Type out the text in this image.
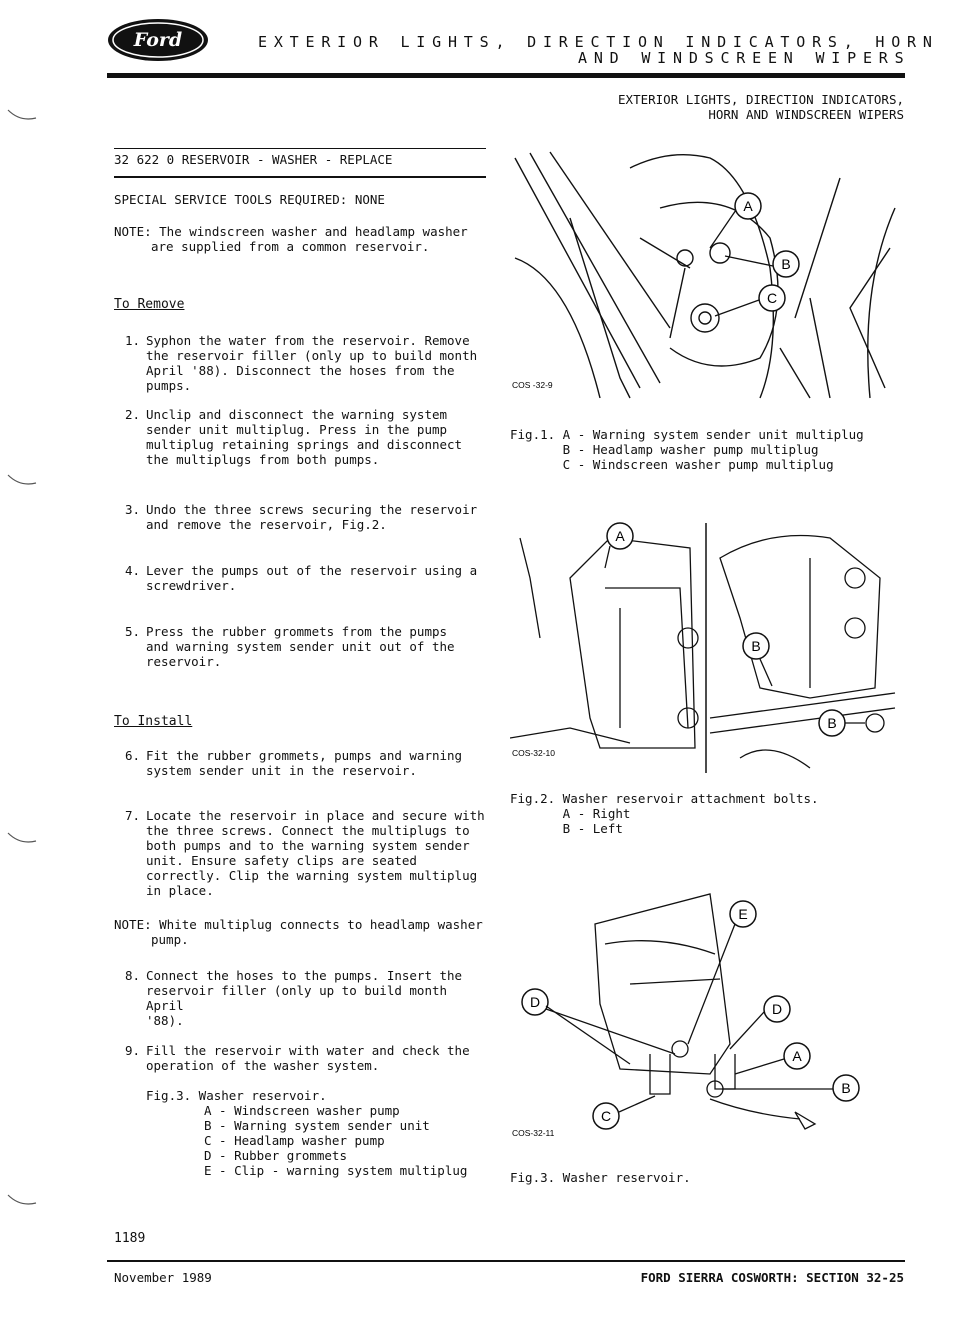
Ford	EXTERIOR LIGHTS, DIRECTION INDICATORS, HORN
AND WINDSCREEN WIPERS
EXTERIOR LIGHTS, DIRECTION INDICATORS,
HORN AND WINDSCREEN WIPERS
32 622 0 RESERVOIR - WASHER - REPLACE
SPECIAL SERVICE TOOLS REQUIRED: NONE
NOTE: The windscreen washer and headlamp washer
are supplied from a common reservoir.
To Remove
1. Syphon the water from the reservoir. Remove
the reservoir filler (only up to build month
April '88). Disconnect the hoses from the
pumps.
2. Unclip and disconnect the warning system
sender unit multiplug. Press in the pump
multiplug retaining springs and disconnect
the multiplugs from both pumps.
3. Undo the three screws securing the reservoir
and remove the reservoir, Fig.2.
4. Lever the pumps out of the reservoir using a
screwdriver.
5. Press the rubber grommets from the pumps
and warning system sender unit out of the
reservoir.
To Install
6. Fit the rubber grommets, pumps and warning
system sender unit in the reservoir.
7. Locate the reservoir in place and secure with
the three screws. Connect the multiplugs to
both pumps and to the warning system sender
unit. Ensure safety clips are seated
correctly. Clip the warning system multiplug
in place.
NOTE: White multiplug connects to headlamp washer
pump.
8. Connect the hoses to the pumps. Insert the
reservoir filler (only up to build month April
'88).
9. Fill the reservoir with water and check the
operation of the washer system.
Fig.3. Washer reservoir.
A - Windscreen washer pump
B - Warning system sender unit
C - Headlamp washer pump
D - Rubber grommets
E - Clip - warning system multiplug
A
B
C
COS -32-9
Fig.1. A - Warning system sender unit multiplug
B - Headlamp washer pump multiplug
C - Windscreen washer pump multiplug
A
B
B
COS-32-10
Fig.2. Washer reservoir attachment bolts.
A - Right
B - Left
E
D	D
A
B
C
COS-32-11
Fig.3. Washer reservoir.
1189
November 1989	FORD SIERRA COSWORTH: SECTION 32-25
